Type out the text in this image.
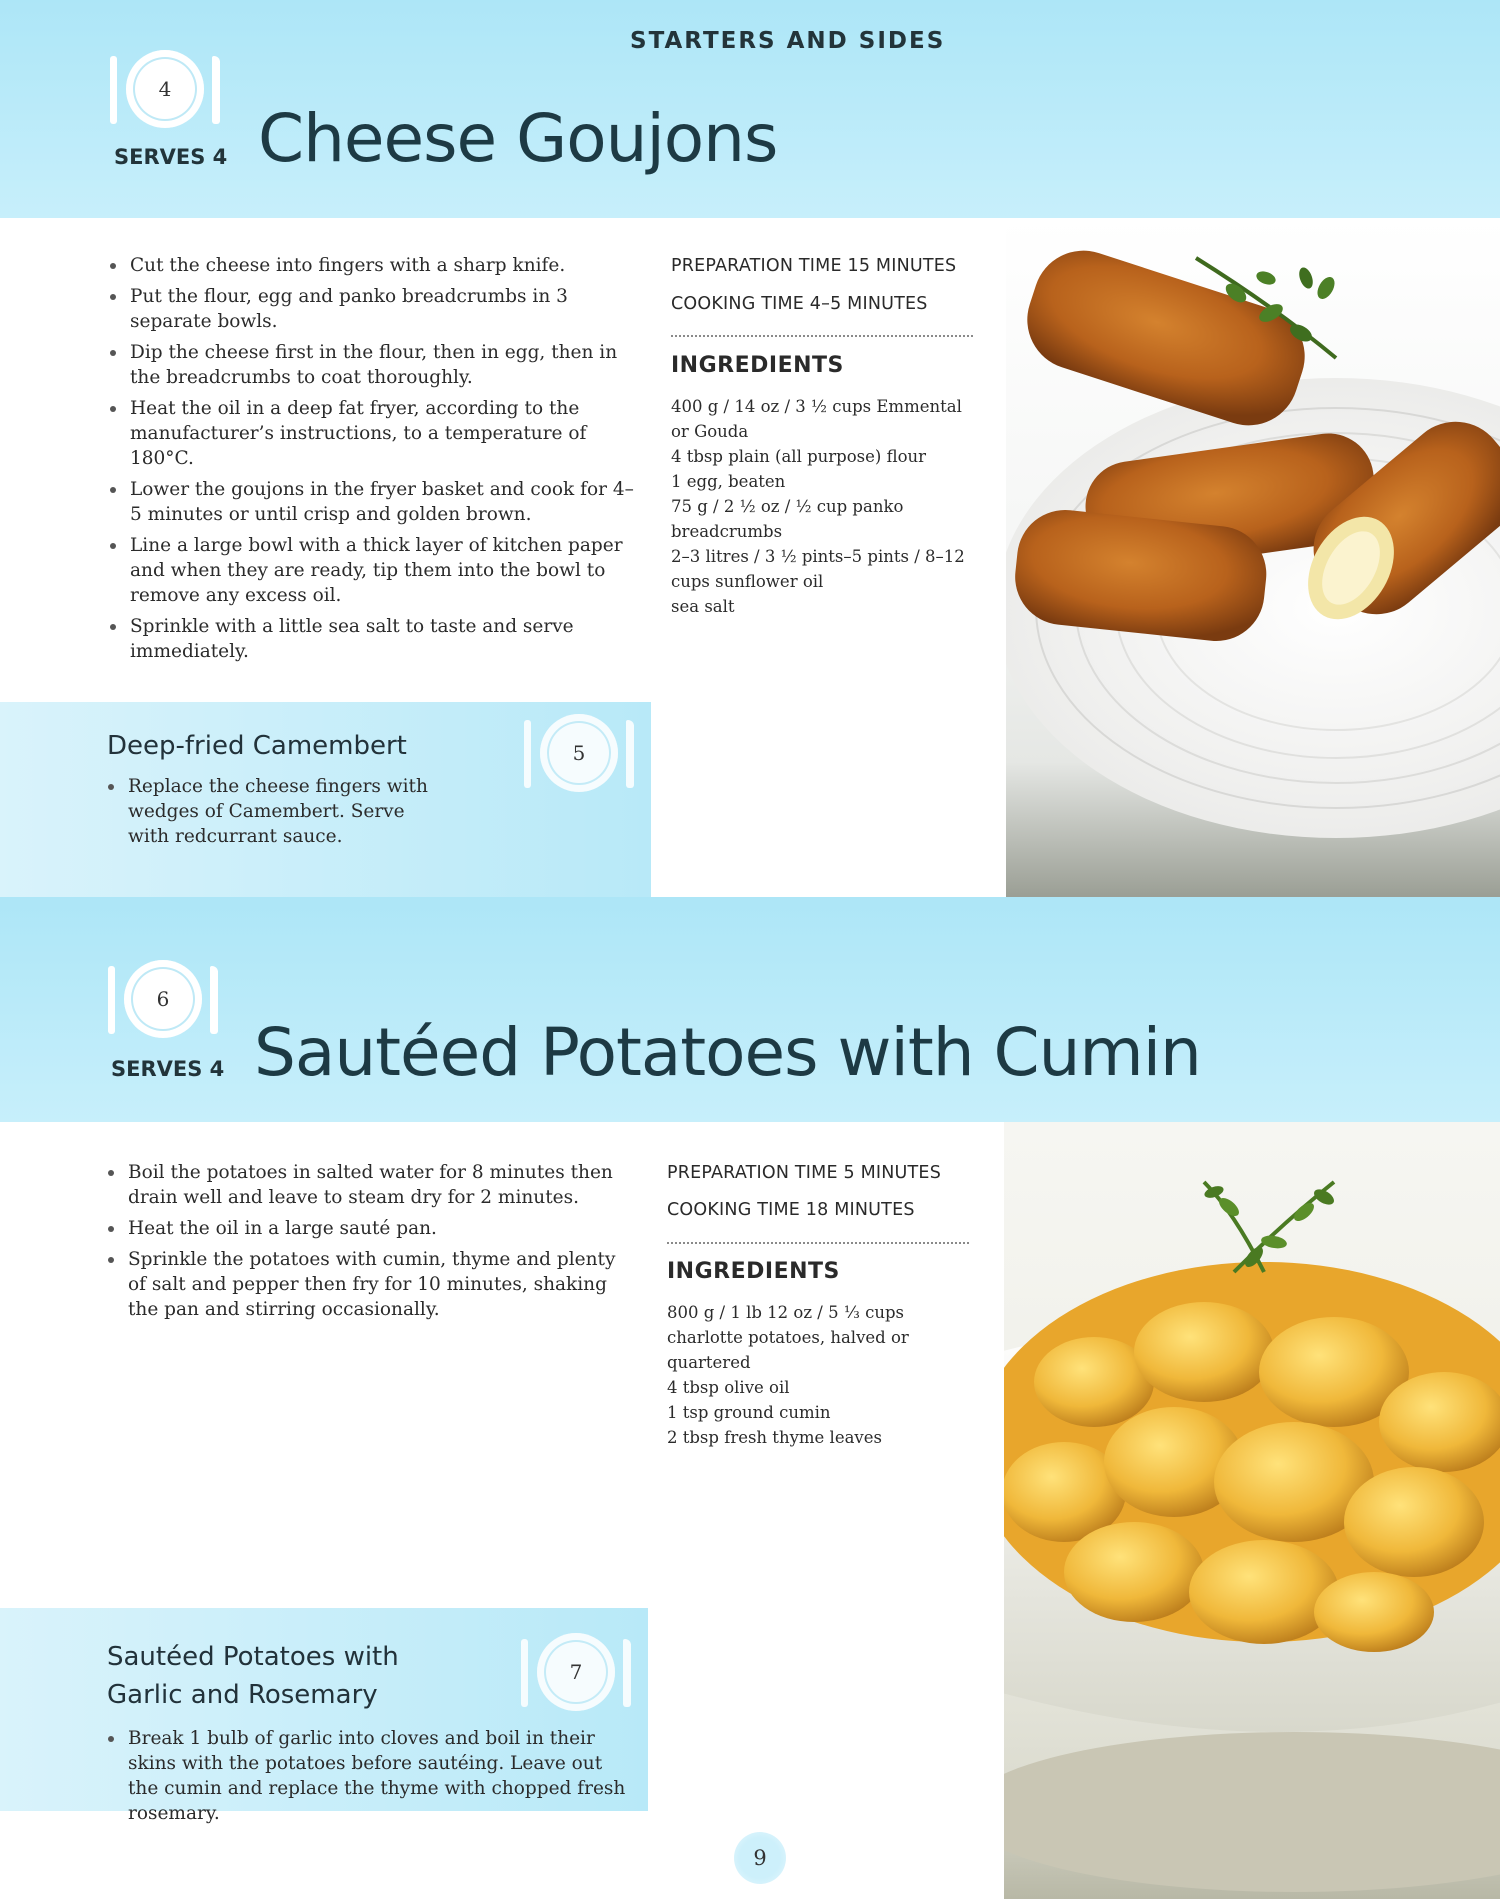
STARTERS AND SIDES
4
SERVES 4 Cheese Goujons
Cut the cheese into fingers with a sharp knife.
Put the flour, egg and panko breadcrumbs in 3 separate bowls.
Dip the cheese first in the flour, then in egg, then in the breadcrumbs to coat thoroughly.
Heat the oil in a deep fat fryer, according to the manufacturer’s instructions, to a temperature of 180°C.
Lower the goujons in the fryer basket and cook for 4–5 minutes or until crisp and golden brown.
Line a large bowl with a thick layer of kitchen paper and when they are ready, tip them into the bowl to remove any excess oil.
Sprinkle with a little sea salt to taste and serve immediately.
PREPARATION TIME 15 MINUTES
COOKING TIME 4–5 MINUTES
INGREDIENTS
400 g / 14 oz / 3 ½ cups Emmental or Gouda
4 tbsp plain (all purpose) flour
1 egg, beaten
75 g / 2 ½ oz / ½ cup panko breadcrumbs
2–3 litres / 3 ½ pints–5 pints / 8–12 cups sunflower oil
sea salt
Deep-fried Camembert
Replace the cheese fingers with wedges of Camembert. Serve with redcurrant sauce.
5
6
SERVES 4 Sautéed Potatoes with Cumin
Boil the potatoes in salted water for 8 minutes then drain well and leave to steam dry for 2 minutes.
Heat the oil in a large sauté pan.
Sprinkle the potatoes with cumin, thyme and plenty of salt and pepper then fry for 10 minutes, shaking the pan and stirring occasionally.
PREPARATION TIME 5 MINUTES
COOKING TIME 18 MINUTES
INGREDIENTS
800 g / 1 lb 12 oz / 5 ⅓ cups charlotte potatoes, halved or quartered
4 tbsp olive oil
1 tsp ground cumin
2 tbsp fresh thyme leaves
Sautéed Potatoes with
Garlic and Rosemary
Break 1 bulb of garlic into cloves and boil in their skins with the potatoes before sautéing. Leave out the cumin and replace the thyme with chopped fresh rosemary.
7
9
